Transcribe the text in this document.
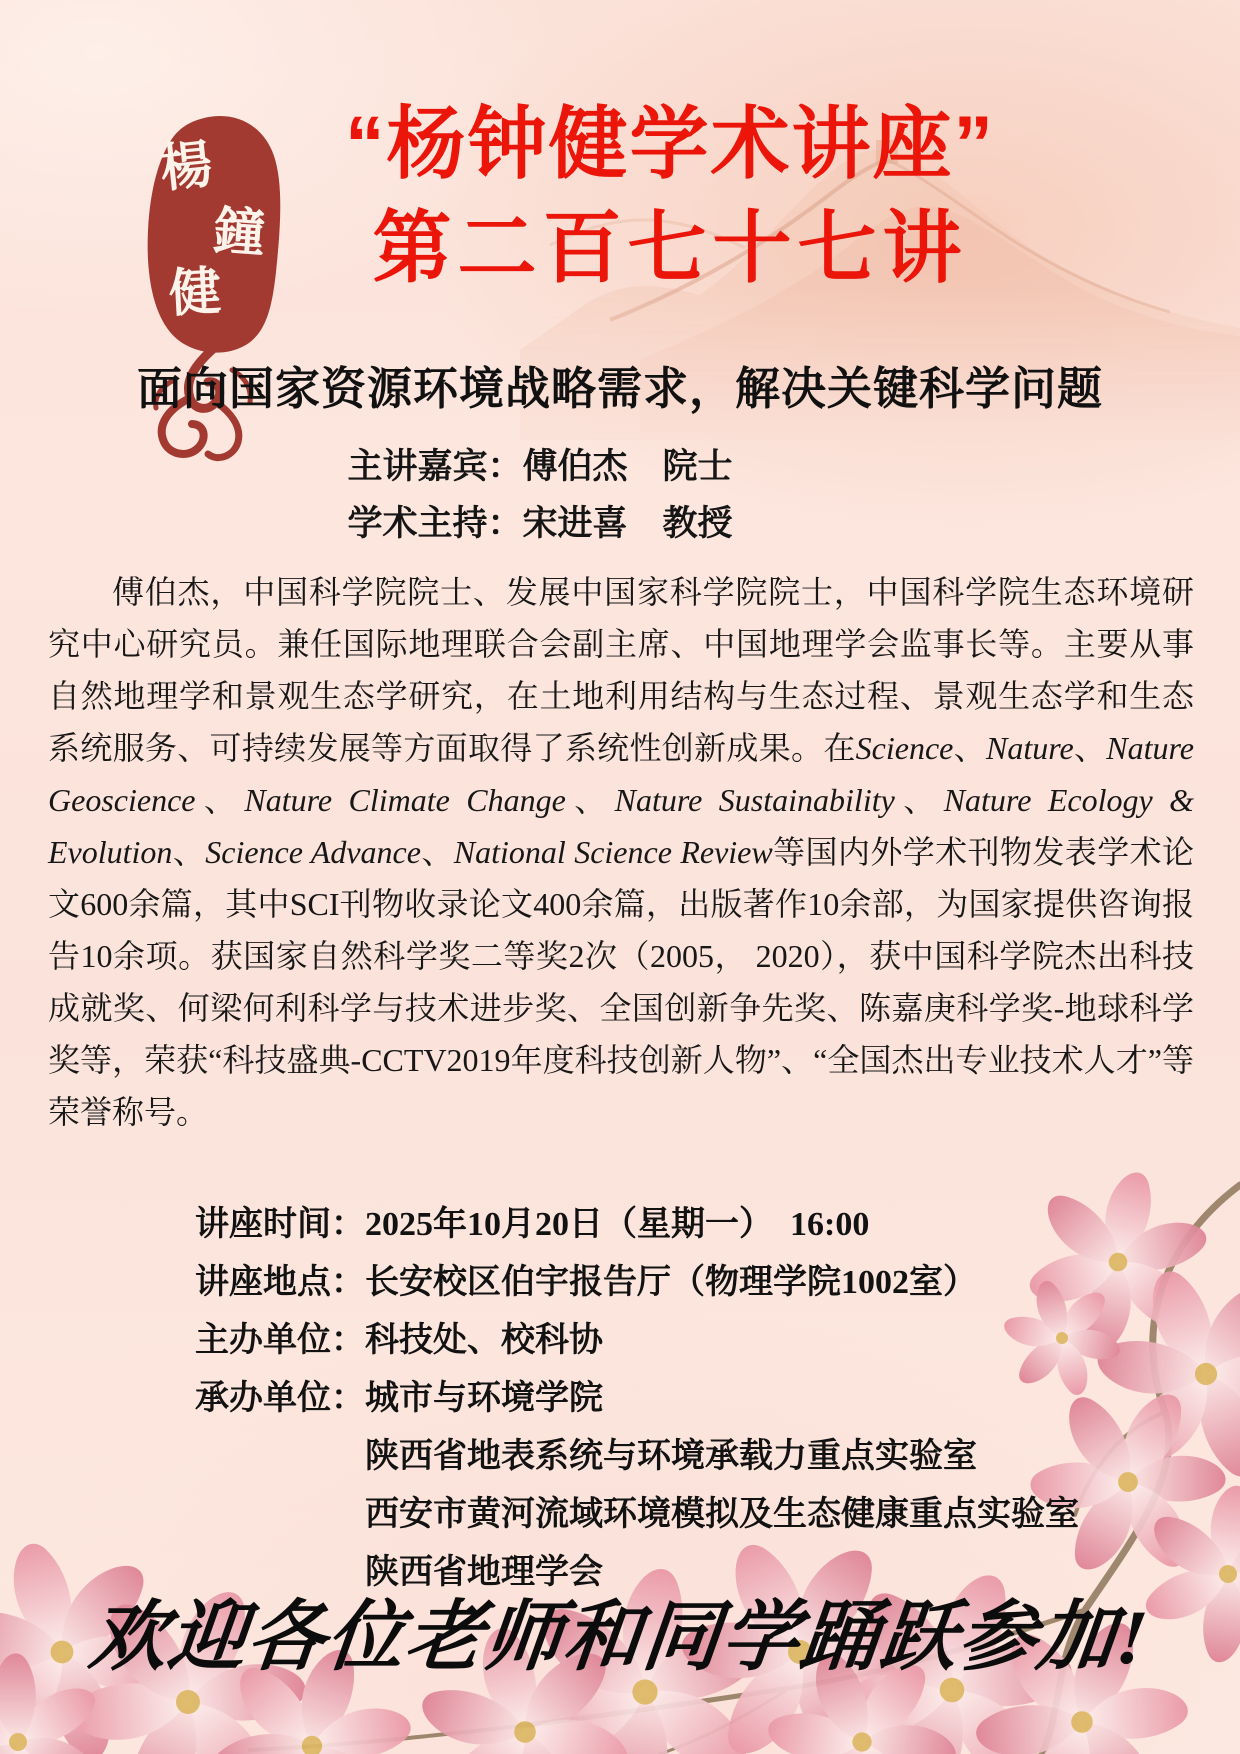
楊
鐘
健
“杨钟健学术讲座”
第二百七十七讲
面向国家资源环境战略需求，解决关键科学问题
主讲嘉宾：傅伯杰　院士
学术主持：宋进喜　教授

傅伯杰，中国科学院院士、发展中国家科学院院士，中国科学院生态环境研究中心研究员。兼任国际地理联合会副主席、中国地理学会监事长等。主要从事自然地理学和景观生态学研究，在土地利用结构与生态过程、景观生态学和生态系统服务、可持续发展等方面取得了系统性创新成果。在Science、Nature、Nature Geoscience、Nature Climate Change、Nature Sustainability、Nature Ecology & Evolution、Science Advance、National Science Review等国内外学术刊物发表学术论文600余篇，其中SCI刊物收录论文400余篇，出版著作10余部，为国家提供咨询报告10余项。获国家自然科学奖二等奖2次（2005， 2020），获中国科学院杰出科技成就奖、何梁何利科学与技术进步奖、全国创新争先奖、陈嘉庚科学奖-地球科学奖等，荣获“科技盛典-CCTV2019年度科技创新人物”、“全国杰出专业技术人才”等荣誉称号。

讲座时间： 2025年10月20日（星期一）　16:00
讲座地点： 长安校区伯宇报告厅（物理学院1002室）
主办单位： 科技处、校科协
承办单位： 城市与环境学院
陕西省地表系统与环境承载力重点实验室
西安市黄河流域环境模拟及生态健康重点实验室
陕西省地理学会
欢迎各位老师和同学踊跃参加!
